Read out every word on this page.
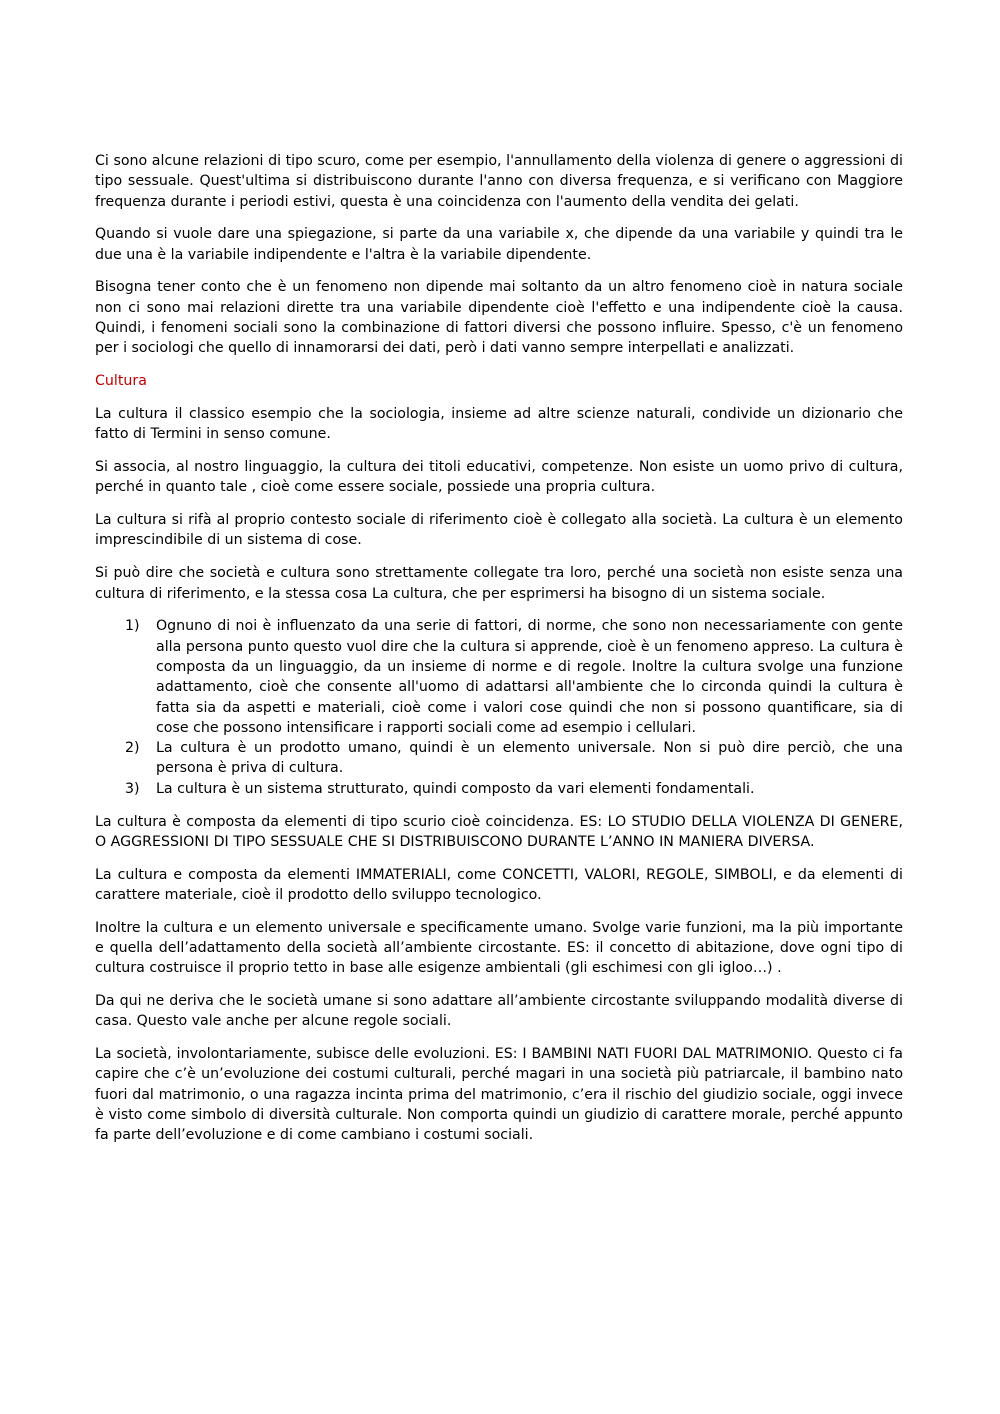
Ci sono alcune relazioni di tipo scuro, come per esempio, l'annullamento della violenza di genere o aggressioni di tipo sessuale. Quest'ultima si distribuiscono durante l'anno con diversa frequenza, e si verificano con Maggiore frequenza durante i periodi estivi, questa è una coincidenza con l'aumento della vendita dei gelati.

Quando si vuole dare una spiegazione, si parte da una variabile x, che dipende da una variabile y quindi tra le due una è la variabile indipendente e l'altra è la variabile dipendente.

Bisogna tener conto che è un fenomeno non dipende mai soltanto da un altro fenomeno cioè in natura sociale non ci sono mai relazioni dirette tra una variabile dipendente cioè l'effetto e una indipendente cioè la causa. Quindi, i fenomeni sociali sono la combinazione di fattori diversi che possono influire. Spesso, c'è un fenomeno per i sociologi che quello di innamorarsi dei dati, però i dati vanno sempre interpellati e analizzati.

Cultura

La cultura il classico esempio che la sociologia, insieme ad altre scienze naturali, condivide un dizionario che fatto di Termini in senso comune.

Si associa, al nostro linguaggio, la cultura dei titoli educativi, competenze. Non esiste un uomo privo di cultura, perché in quanto tale , cioè come essere sociale, possiede una propria cultura.

La cultura si rifà al proprio contesto sociale di riferimento cioè è collegato alla società. La cultura è un elemento imprescindibile di un sistema di cose.

Si può dire che società e cultura sono strettamente collegate tra loro, perché una società non esiste senza una cultura di riferimento, e la stessa cosa La cultura, che per esprimersi ha bisogno di un sistema sociale.

1) Ognuno di noi è influenzato da una serie di fattori, di norme, che sono non necessariamente con gente alla persona punto questo vuol dire che la cultura si apprende, cioè è un fenomeno appreso. La cultura è composta da un linguaggio, da un insieme di norme e di regole. Inoltre la cultura svolge una funzione adattamento, cioè che consente all'uomo di adattarsi all'ambiente che lo circonda quindi la cultura è fatta sia da aspetti e materiali, cioè come i valori cose quindi che non si possono quantificare, sia di cose che possono intensificare i rapporti sociali come ad esempio i cellulari.
2) La cultura è un prodotto umano, quindi è un elemento universale. Non si può dire perciò, che una persona è priva di cultura.
3) La cultura è un sistema strutturato, quindi composto da vari elementi fondamentali.

La cultura è composta da elementi di tipo scurio cioè coincidenza. ES: LO STUDIO DELLA VIOLENZA DI GENERE, O AGGRESSIONI DI TIPO SESSUALE CHE SI DISTRIBUISCONO DURANTE L’ANNO IN MANIERA DIVERSA.

La cultura e composta da elementi IMMATERIALI, come CONCETTI, VALORI, REGOLE, SIMBOLI, e da elementi di carattere materiale, cioè il prodotto dello sviluppo tecnologico.

Inoltre la cultura e un elemento universale e specificamente umano. Svolge varie funzioni, ma la più importante e quella dell’adattamento della società all’ambiente circostante. ES: il concetto di abitazione, dove ogni tipo di cultura costruisce il proprio tetto in base alle esigenze ambientali (gli eschimesi con gli igloo…) .

Da qui ne deriva che le società umane si sono adattare all’ambiente circostante sviluppando modalità diverse di casa. Questo vale anche per alcune regole sociali.

La società, involontariamente, subisce delle evoluzioni. ES: I BAMBINI NATI FUORI DAL MATRIMONIO. Questo ci fa capire che c’è un’evoluzione dei costumi culturali, perché magari in una società più patriarcale, il bambino nato fuori dal matrimonio, o una ragazza incinta prima del matrimonio, c’era il rischio del giudizio sociale, oggi invece è visto come simbolo di diversità culturale. Non comporta quindi un giudizio di carattere morale, perché appunto fa parte dell’evoluzione e di come cambiano i costumi sociali.
